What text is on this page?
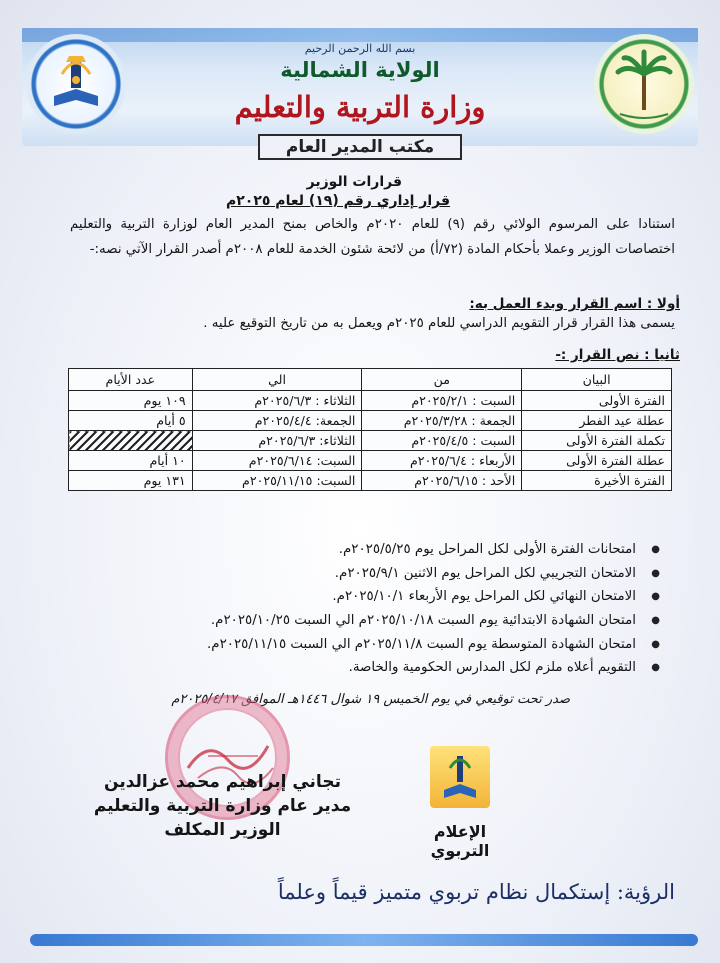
بسم الله الرحمن الرحيم
الولاية الشمالية
وزارة التربية والتعليم
مكتب المدير العام
قرارات الوزير
قرار إداري رقم (١٩) لعام ٢٠٢٥م
استنادا على المرسوم الولائي رقم (٩) للعام ٢٠٢٠م والخاص بمنح المدير العام لوزارة التربية والتعليم اختصاصات الوزير وعملا بأحكام المادة (٧٢/أ) من لائحة شئون الخدمة للعام ٢٠٠٨م أصدر القرار الآتي نصه:-
أولا : اسم القرار وبدء العمل به:
يسمى هذا القرار قرار التقويم الدراسي للعام ٢٠٢٥م ويعمل به من تاريخ التوقيع عليه .
ثانيا : نص القرار :-
البيان	من	الي	عدد الأيام
الفترة الأولى	السبت : ٢٠٢٥/٢/١م	الثلاثاء : ٢٠٢٥/٦/٣م	١٠٩ يوم
عطلة عيد الفطر	الجمعة : ٢٠٢٥/٣/٢٨م	الجمعة: ٢٠٢٥/٤/٤م	٥ أيام
تكملة الفترة الأولى	السبت : ٢٠٢٥/٤/٥م	الثلاثاء: ٢٠٢٥/٦/٣م	
عطلة الفترة الأولى	الأربعاء : ٢٠٢٥/٦/٤م	السبت: ٢٠٢٥/٦/١٤م	١٠ أيام
الفترة الأخيرة	الأحد : ٢٠٢٥/٦/١٥م	السبت: ٢٠٢٥/١١/١٥م	١٣١ يوم
● امتحانات الفترة الأولى لكل المراحل يوم ٢٠٢٥/٥/٢٥م.
● الامتحان التجريبي لكل المراحل يوم الاثنين ٢٠٢٥/٩/١م.
● الامتحان النهائي لكل المراحل يوم الأربعاء ٢٠٢٥/١٠/١م.
● امتحان الشهادة الابتدائية يوم السبت ٢٠٢٥/١٠/١٨م الي السبت ٢٠٢٥/١٠/٢٥م.
● امتحان الشهادة المتوسطة يوم السبت ٢٠٢٥/١١/٨م الي السبت ٢٠٢٥/١١/١٥م.
● التقويم أعلاه ملزم لكل المدارس الحكومية والخاصة.
صدر تحت توقيعي في يوم الخميس ١٩ شوال ١٤٤٦هـ الموافق ٢٠٢٥/٤/١٧م
الإعلام التربوي
تجاني إبراهيم محمد عزالدين
مدير عام وزارة التربية والتعليم
الوزير المكلف
الرؤية: إستكمال نظام تربوي متميز قيماً وعلماً
